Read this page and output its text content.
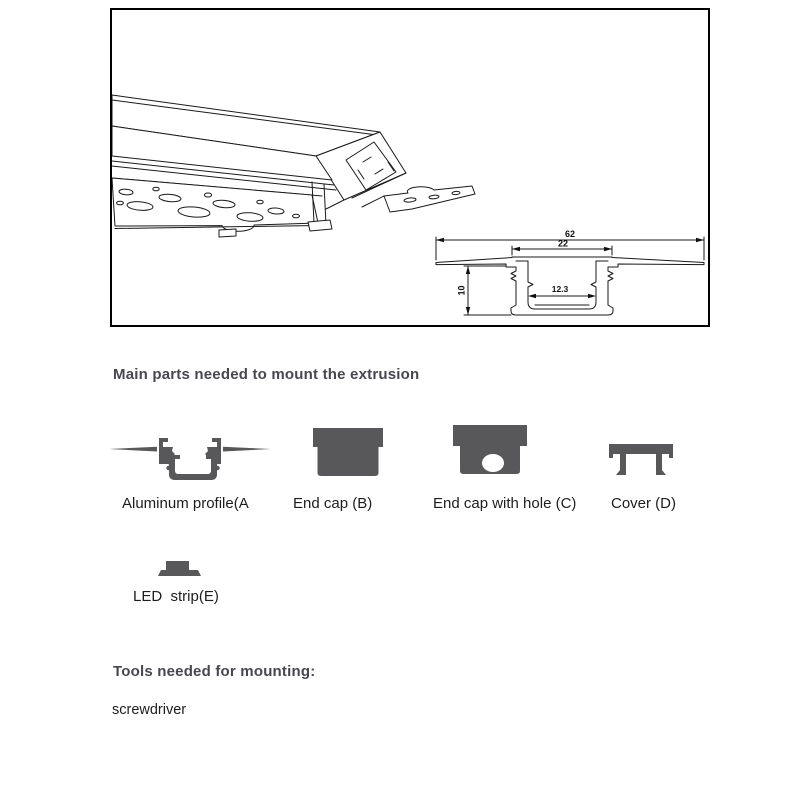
62
22
12.3
10
Main parts needed to mount the extrusion

Aluminum profile(A	End cap (B)	End cap with hole (C) Cover (D)

LED  strip(E)

Tools needed for mounting:

screwdriver
